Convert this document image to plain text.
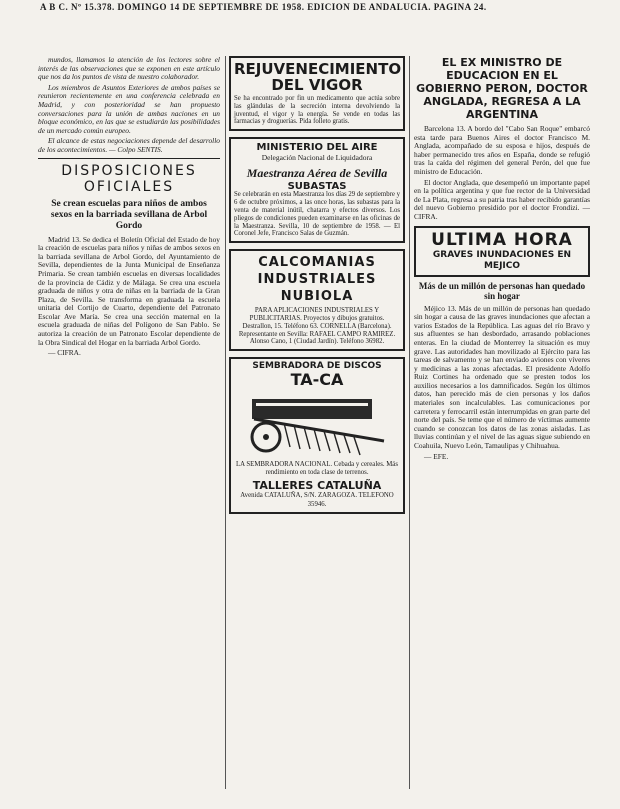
A B C. Nº 15.378. DOMINGO 14 DE SEPTIEMBRE DE 1958. EDICION DE ANDALUCIA. PAGINA 24.

mundos, llamamos la atención de los lectores sobre el interés de las observaciones que se exponen en este artículo que nos da los puntos de vista de nuestro colaborador.

Los miembros de Asuntos Exteriores de ambos países se reunieron recientemente en una conferencia celebrada en Madrid, y con posterioridad se han propuesto conversaciones para la unión de ambas naciones en un bloque económico, en las que se estudiarán las posibilidades de un mercado común europeo.

El alcance de estas negociaciones depende del desarrollo de los acontecimientos. — Colpo SENTIS.

DISPOSICIONES OFICIALES
Se crean escuelas para niños de ambos sexos en la barriada sevillana de Arbol Gordo

Madrid 13. Se dedica el Boletín Oficial del Estado de hoy la creación de escuelas para niños y niñas de ambos sexos en la barriada sevillana de Arbol Gordo, del Ayuntamiento de Sevilla, dependientes de la Junta Municipal de Enseñanza Primaria. Se crean también escuelas en diversas localidades de la provincia de Cádiz y de Málaga. Se crea una escuela graduada de niños y otra de niñas en la barriada de la Gran Plaza, de Sevilla. Se transforma en graduada la escuela unitaria del Cortijo de Cuarto, dependiente del Patronato Escolar Ave María. Se crea una sección maternal en la escuela graduada de niñas del Polígono de San Pablo. Se autoriza la creación de un Patronato Escolar dependiente de la Obra Sindical del Hogar en la barriada Arbol Gordo.

— CIFRA.

REJUVENECIMIENTO DEL VIGOR
Se ha encontrado por fin un medicamento que actúa sobre las glándulas de la secreción interna devolviendo la juventud, el vigor y la energía. Se vende en todas las farmacias y droguerías. Pida folleto gratis.
MINISTERIO DEL AIRE
Delegación Nacional de Liquidadora
Maestranza Aérea de Sevilla
SUBASTAS
Se celebrarán en esta Maestranza los días 29 de septiembre y 6 de octubre próximos, a las once horas, las subastas para la venta de material inútil, chatarra y efectos diversos. Los pliegos de condiciones pueden examinarse en las oficinas de la Maestranza. Sevilla, 10 de septiembre de 1958. — El Coronel Jefe, Francisco Salas de Guzmán.
CALCOMANIAS INDUSTRIALES NUBIOLA
PARA APLICACIONES INDUSTRIALES Y PUBLICITARIAS. Proyectos y dibujos gratuitos. Destrallon, 15. Teléfono 63. CORNELLA (Barcelona). Representante en Sevilla: RAFAEL CAMPO RAMIREZ. Alonso Cano, 1 (Ciudad Jardín). Teléfono 36982.
SEMBRADORA DE DISCOS
TA-CA
LA SEMBRADORA NACIONAL. Cebada y cereales. Más rendimiento en toda clase de terrenos.
TALLERES CATALUÑA
Avenida CATALUÑA, S/N. ZARAGOZA. TELEFONO 35946.
EL EX MINISTRO DE EDUCACION EN EL GOBIERNO PERON, DOCTOR ANGLADA, REGRESA A LA ARGENTINA

Barcelona 13. A bordo del "Cabo San Roque" embarcó esta tarde para Buenos Aires el doctor Francisco M. Anglada, acompañado de su esposa e hijos, después de haber permanecido tres años en España, donde se refugió tras la caída del régimen del general Perón, del que fue ministro de Educación.

El doctor Anglada, que desempeñó un importante papel en la política argentina y que fue rector de la Universidad de La Plata, regresa a su patria tras haber recibido garantías del nuevo Gobierno presidido por el doctor Frondizi. — CIFRA.

ULTIMA HORA
GRAVES INUNDACIONES EN MEJICO
Más de un millón de personas han quedado sin hogar

Méjico 13. Más de un millón de personas han quedado sin hogar a causa de las graves inundaciones que afectan a varios Estados de la República. Las aguas del río Bravo y sus afluentes se han desbordado, arrasando poblaciones enteras. En la ciudad de Monterrey la situación es muy grave. Las autoridades han movilizado al Ejército para las tareas de salvamento y se han enviado aviones con víveres y medicinas a las zonas afectadas. El presidente Adolfo Ruiz Cortines ha ordenado que se presten todos los auxilios necesarios a los damnificados. Según los últimos datos, han perecido más de cien personas y los daños materiales son incalculables. Las comunicaciones por carretera y ferrocarril están interrumpidas en gran parte del norte del país. Se teme que el número de víctimas aumente cuando se conozcan los datos de las zonas aisladas. Las lluvias continúan y el nivel de las aguas sigue subiendo en Coahuila, Nuevo León, Tamaulipas y Chihuahua.

— EFE.
